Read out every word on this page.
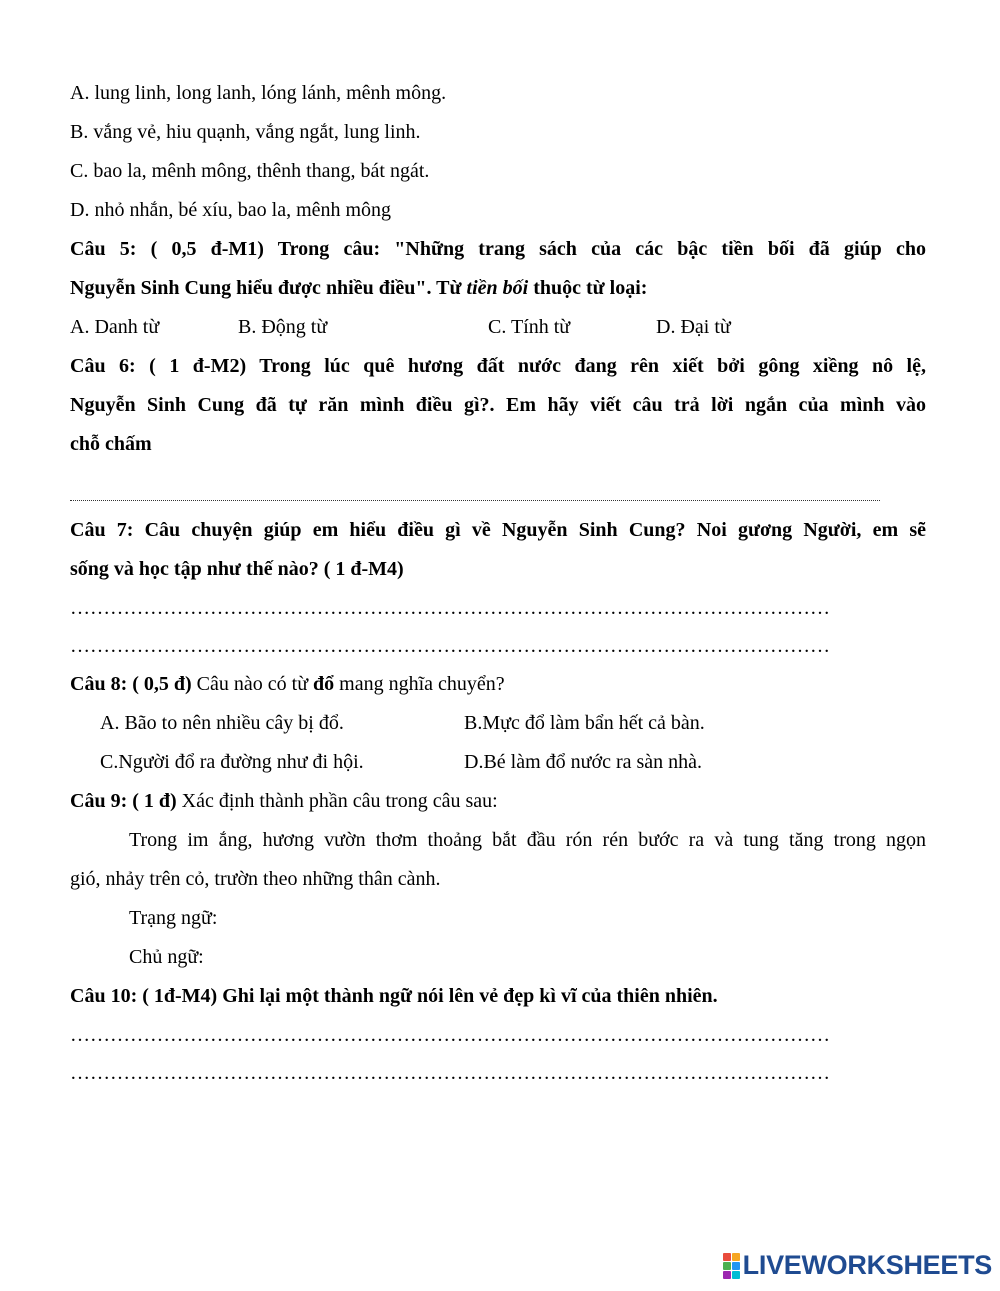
A. lung linh, long lanh, lóng lánh, mênh mông.
B. vắng vẻ, hiu quạnh, vắng ngắt, lung linh.
C. bao la, mênh mông, thênh thang, bát ngát.
D. nhỏ nhắn, bé xíu, bao la, mênh mông
Câu 5: ( 0,5 đ-M1) Trong câu: "Những trang sách của các bậc tiền bối đã giúp cho
Nguyễn Sinh Cung hiểu được nhiều điều". Từ tiền bối thuộc từ loại:
A. Danh từ	B. Động từ	C. Tính từ	D. Đại từ
Câu 6: ( 1 đ-M2) Trong lúc quê hương đất nước đang rên xiết bởi gông xiềng nô lệ,
Nguyễn Sinh Cung đã tự răn mình điều gì?. Em hãy viết câu trả lời ngắn của mình vào
chỗ chấm
Câu 7: Câu chuyện giúp em hiểu điều gì về Nguyễn Sinh Cung? Noi gương Người, em sẽ
sống và học tập như thế nào? ( 1 đ-M4)
……………………………………………………………………………………………………
……………………………………………………………………………………………………
Câu 8: ( 0,5 đ) Câu nào có từ đổ mang nghĩa chuyển?
A. Bão to nên nhiều cây bị đổ.	B.Mực đổ làm bẩn hết cả bàn.
C.Người đổ ra đường như đi hội.	D.Bé làm đổ nước ra sàn nhà.
Câu 9: ( 1 đ) Xác định thành phần câu trong câu sau:
Trong im ắng, hương vườn thơm thoảng bắt đầu rón rén bước ra và tung tăng trong ngọn
gió, nhảy trên cỏ, trườn theo những thân cành.
Trạng ngữ:
Chủ ngữ:
Câu 10: ( 1đ-M4) Ghi lại một thành ngữ nói lên vẻ đẹp kì vĩ của thiên nhiên.
……………………………………………………………………………………………………
……………………………………………………………………………………………………
LIVEWORKSHEETS
